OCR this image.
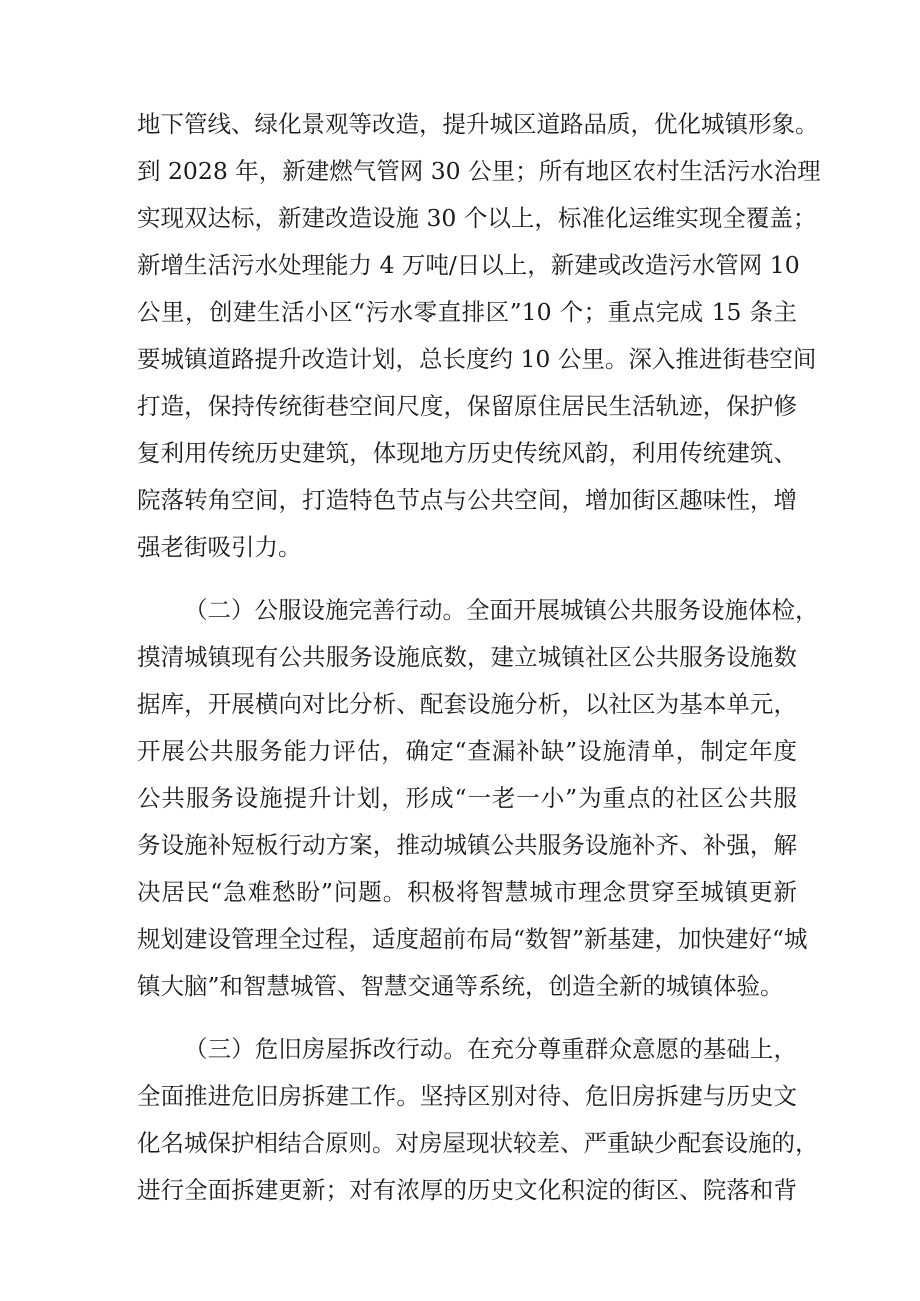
地下管线、绿化景观等改造，提升城区道路品质，优化城镇形象。
到 2028 年，新建燃气管网 30 公里；所有地区农村生活污水治理
实现双达标，新建改造设施 30 个以上，标准化运维实现全覆盖；
新增生活污水处理能力 4 万吨/日以上，新建或改造污水管网 10
公里，创建生活小区“污水零直排区”10 个；重点完成 15 条主
要城镇道路提升改造计划，总长度约 10 公里。深入推进街巷空间
打造，保持传统街巷空间尺度，保留原住居民生活轨迹，保护修
复利用传统历史建筑，体现地方历史传统风韵，利用传统建筑、
院落转角空间，打造特色节点与公共空间，增加街区趣味性，增
强老街吸引力。
（二）公服设施完善行动。全面开展城镇公共服务设施体检，
摸清城镇现有公共服务设施底数，建立城镇社区公共服务设施数
据库，开展横向对比分析、配套设施分析，以社区为基本单元，
开展公共服务能力评估，确定“查漏补缺”设施清单，制定年度
公共服务设施提升计划，形成“一老一小”为重点的社区公共服
务设施补短板行动方案，推动城镇公共服务设施补齐、补强，解
决居民“急难愁盼”问题。积极将智慧城市理念贯穿至城镇更新
规划建设管理全过程，适度超前布局“数智”新基建，加快建好“城
镇大脑”和智慧城管、智慧交通等系统，创造全新的城镇体验。
（三）危旧房屋拆改行动。在充分尊重群众意愿的基础上，
全面推进危旧房拆建工作。坚持区别对待、危旧房拆建与历史文
化名城保护相结合原则。对房屋现状较差、严重缺少配套设施的，
进行全面拆建更新；对有浓厚的历史文化积淀的街区、院落和背
